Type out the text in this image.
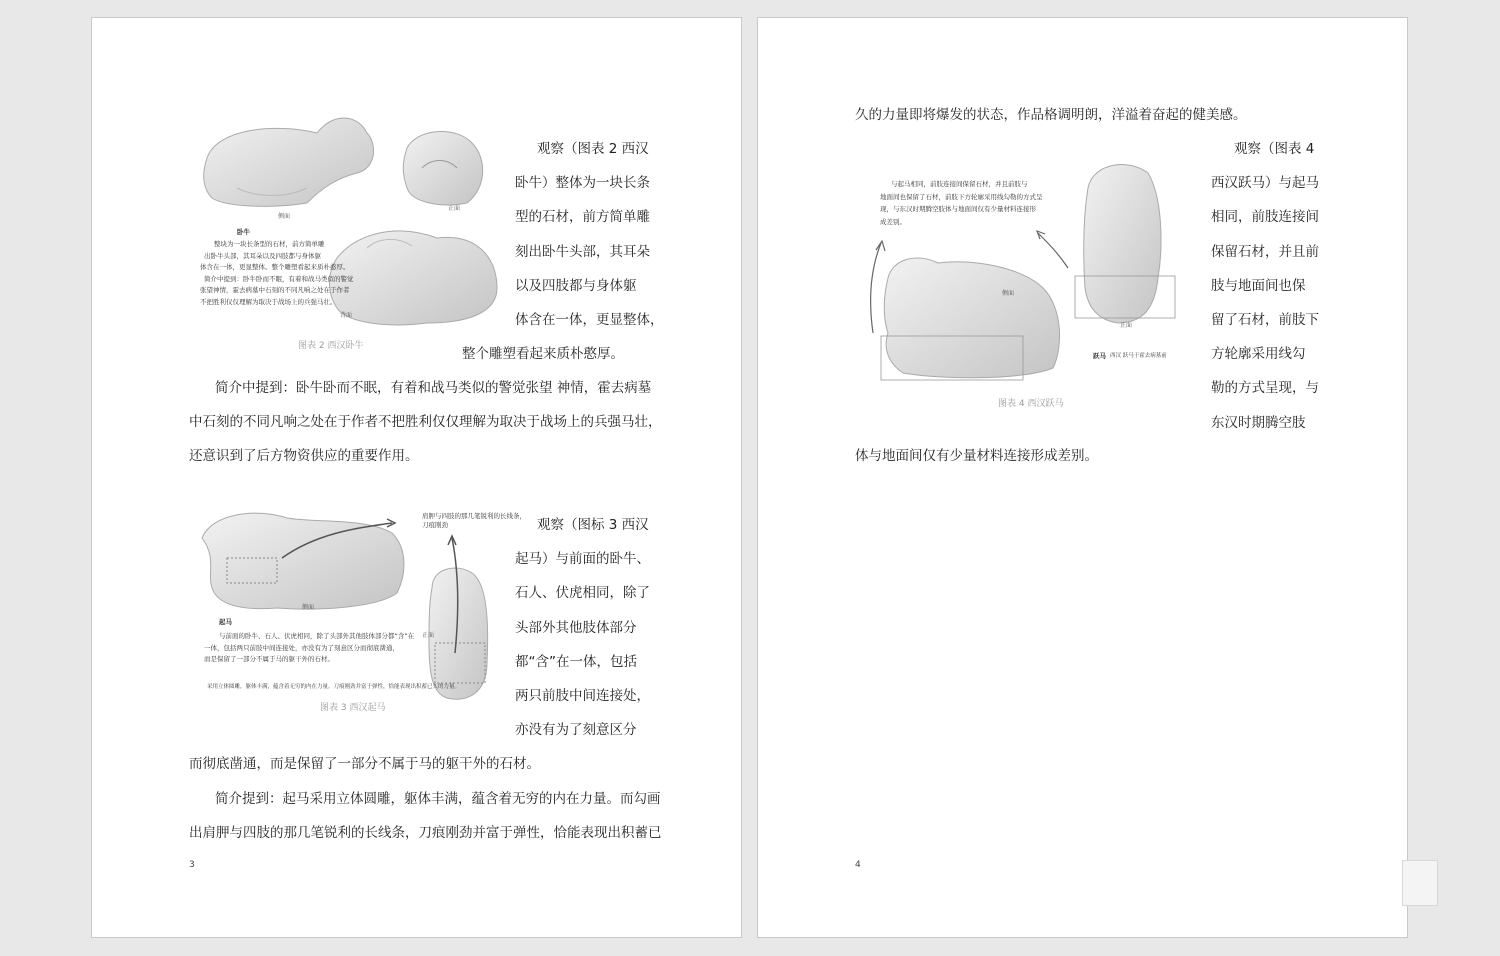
侧面
正面
背面
卧牛
整块为一块长条型的石材，前方简单雕
出卧牛头部，其耳朵以及四肢都与身体躯
体含在一体，更显整体。整个雕塑看起来质朴憨厚。
简介中提到：卧牛卧而不眠，有着和战马类似的警觉
张望神情，霍去病墓中石刻的不同凡响之处在于作者
不把胜利仅仅理解为取决于战场上的兵强马壮。
图表 2 西汉卧牛
观察（图表 2 西汉
卧牛）整体为一块长条
型的石材，前方简单雕
刻出卧牛头部，其耳朵
以及四肢都与身体躯
体含在一体，更显整体，
整个雕塑看起来质朴憨厚。
简介中提到：卧牛卧而不眠，有着和战马类似的警觉张望 神情，霍去病墓
中石刻的不同凡响之处在于作者不把胜利仅仅理解为取决于战场上的兵强马壮，
还意识到了后方物资供应的重要作用。
侧面
正面
起马
与前面的卧牛、石人、伏虎相同，除了头部外其他肢体部分都“含”在
一体，包括两只前肢中间连接处，亦没有为了刻意区分而彻底凿通，
而是保留了一部分不属于马的躯干外的石材。
肩胛与四肢的那几笔锐利的长线条，
刀痕刚劲
采用立体圆雕，躯体丰满，蕴含着无穷的内在力量。刀痕刚劲并富于弹性，恰能表现出积蓄已久的力量。
图表 3 西汉起马
观察（图标 3 西汉
起马）与前面的卧牛、
石人、伏虎相同，除了
头部外其他肢体部分
都“含”在一体，包括
两只前肢中间连接处，
亦没有为了刻意区分
而彻底凿通，而是保留了一部分不属于马的躯干外的石材。
简介提到：起马采用立体圆雕，躯体丰满，蕴含着无穷的内在力量。而勾画
出肩胛与四肢的那几笔锐利的长线条，刀痕刚劲并富于弹性，恰能表现出积蓄已
3
久的力量即将爆发的状态，作品格调明朗，洋溢着奋起的健美感。
侧面
正面
跃马 西汉 跃马于霍去病墓前
与起马相同，前肢连接间保留石材，并且前肢与
地面间也保留了石材，前肢下方轮廓采用线勾勒的方式呈
现，与东汉时期腾空肢体与地面间仅有少量材料连接形
成差别。
图表 4 西汉跃马
观察（图表 4
西汉跃马）与起马
相同，前肢连接间
保留石材，并且前
肢与地面间也保
留了石材，前肢下
方轮廓采用线勾
勒的方式呈现，与
东汉时期腾空肢
体与地面间仅有少量材料连接形成差别。
4
